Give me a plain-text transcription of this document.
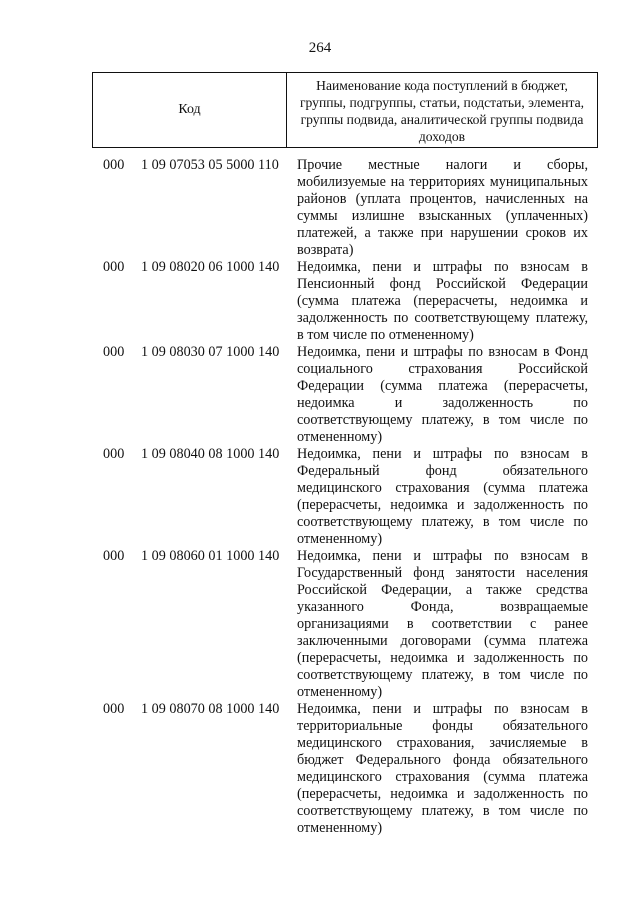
264
Код
Наименование кода поступлений в бюджет, группы, подгруппы, статьи, подстатьи, элемента, группы подвида, аналитической группы подвида доходов
000 1 09 07053 05 5000 110 Прочие местные налоги и сборы, мобилизуемые на территориях муниципальных районов (уплата процентов, начисленных на суммы излишне взысканных (уплаченных) платежей, а также при нарушении сроков их возврата)
000 1 09 08020 06 1000 140 Недоимка, пени и штрафы по взносам в Пенсионный фонд Российской Федерации (сумма платежа (перерасчеты, недоимка и задолженность по соответствующему платежу, в том числе по отмененному)
000 1 09 08030 07 1000 140 Недоимка, пени и штрафы по взносам в Фонд социального страхования Российской Федерации (сумма платежа (перерасчеты, недоимка и задолженность по соответствующему платежу, в том числе по отмененному)
000 1 09 08040 08 1000 140 Недоимка, пени и штрафы по взносам в Федеральный фонд обязательного медицинского страхования (сумма платежа (перерасчеты, недоимка и задолженность по соответствующему платежу, в том числе по отмененному)
000 1 09 08060 01 1000 140 Недоимка, пени и штрафы по взносам в Государственный фонд занятости населения Российской Федерации, а также средства указанного Фонда, возвращаемые организациями в соответствии с ранее заключенными договорами (сумма платежа (перерасчеты, недоимка и задолженность по соответствующему платежу, в том числе по отмененному)
000 1 09 08070 08 1000 140 Недоимка, пени и штрафы по взносам в территориальные фонды обязательного медицинского страхования, зачисляемые в бюджет Федерального фонда обязательного медицинского страхования (сумма платежа (перерасчеты, недоимка и задолженность по соответствующему платежу, в том числе по отмененному)
